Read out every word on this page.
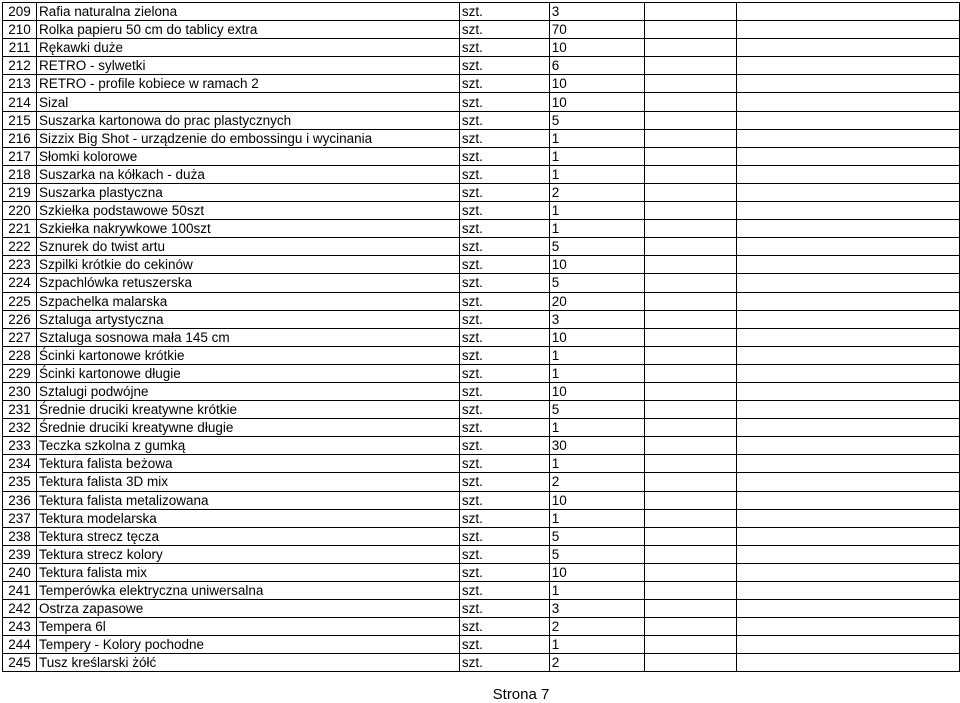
209	Rafia naturalna zielona	szt.	3		
210	Rolka papieru 50 cm do tablicy extra	szt.	70		
211	Rękawki duże	szt.	10		
212	RETRO - sylwetki	szt.	6		
213	RETRO - profile kobiece w ramach 2	szt.	10		
214	Sizal	szt.	10		
215	Suszarka kartonowa do prac plastycznych	szt.	5		
216	Sizzix Big Shot - urządzenie do embossingu i wycinania	szt.	1		
217	Słomki kolorowe	szt.	1		
218	Suszarka na kółkach - duża	szt.	1		
219	Suszarka plastyczna	szt.	2		
220	Szkiełka podstawowe 50szt	szt.	1		
221	Szkiełka nakrywkowe 100szt	szt.	1		
222	Sznurek do twist artu	szt.	5		
223	Szpilki krótkie do cekinów	szt.	10		
224	Szpachlówka retuszerska	szt.	5		
225	Szpachelka malarska	szt.	20		
226	Sztaluga artystyczna	szt.	3		
227	Sztaluga sosnowa mała 145 cm	szt.	10		
228	Ścinki kartonowe krótkie	szt.	1		
229	Ścinki kartonowe długie	szt.	1		
230	Sztalugi podwójne	szt.	10		
231	Średnie druciki kreatywne krótkie	szt.	5		
232	Średnie druciki kreatywne długie	szt.	1		
233	Teczka szkolna z gumką	szt.	30		
234	Tektura falista beżowa	szt.	1		
235	Tektura falista 3D mix	szt.	2		
236	Tektura falista metalizowana	szt.	10		
237	Tektura modelarska	szt.	1		
238	Tektura strecz tęcza	szt.	5		
239	Tektura strecz kolory	szt.	5		
240	Tektura falista mix	szt.	10		
241	Temperówka elektryczna uniwersalna	szt.	1		
242	Ostrza zapasowe	szt.	3		
243	Tempera 6l	szt.	2		
244	Tempery - Kolory pochodne	szt.	1		
245	Tusz kreślarski żółć	szt.	2		
Strona 7
